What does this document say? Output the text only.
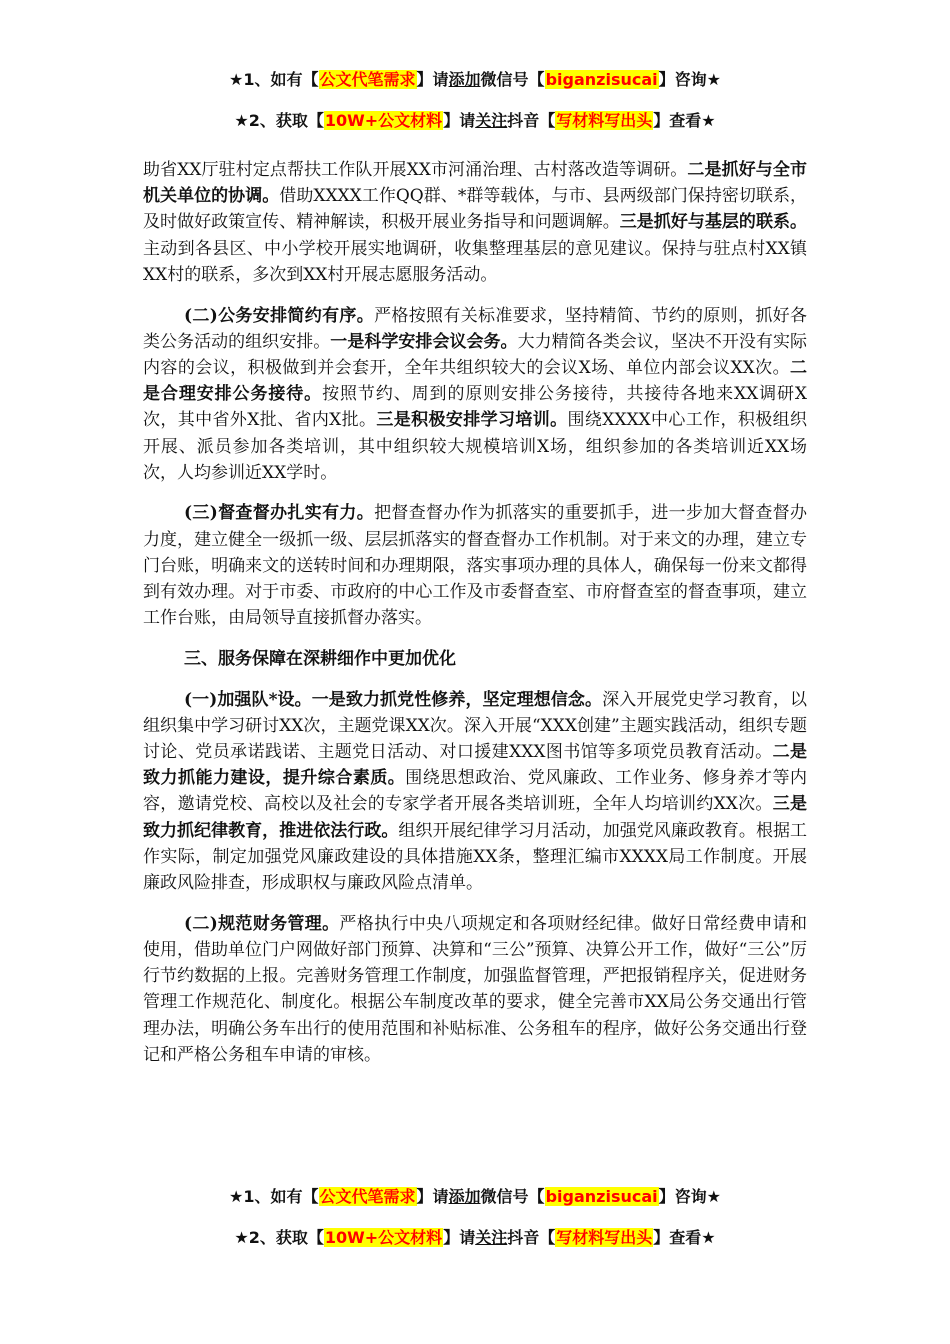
★1、如有【公文代笔需求】请添加微信号【biganzisucai】咨询★
★2、获取【10W+公文材料】请关注抖音【写材料写出头】查看★

助省XX厅驻村定点帮扶工作队开展XX市河涌治理、古村落改造等调研。二是抓好与全市机关单位的协调。借助XXXX工作QQ群、*群等载体，与市、县两级部门保持密切联系，及时做好政策宣传、精神解读，积极开展业务指导和问题调解。三是抓好与基层的联系。主动到各县区、中小学校开展实地调研，收集整理基层的意见建议。保持与驻点村XX镇XX村的联系，多次到XX村开展志愿服务活动。

(二)公务安排简约有序。严格按照有关标准要求，坚持精简、节约的原则，抓好各类公务活动的组织安排。一是科学安排会议会务。大力精简各类会议，坚决不开没有实际内容的会议，积极做到并会套开，全年共组织较大的会议X场、单位内部会议XX次。二是合理安排公务接待。按照节约、周到的原则安排公务接待，共接待各地来XX调研X次，其中省外X批、省内X批。三是积极安排学习培训。围绕XXXX中心工作，积极组织开展、派员参加各类培训，其中组织较大规模培训X场，组织参加的各类培训近XX场次，人均参训近XX学时。

(三)督查督办扎实有力。把督查督办作为抓落实的重要抓手，进一步加大督查督办力度，建立健全一级抓一级、层层抓落实的督查督办工作机制。对于来文的办理，建立专门台账，明确来文的送转时间和办理期限，落实事项办理的具体人，确保每一份来文都得到有效办理。对于市委、市政府的中心工作及市委督查室、市府督查室的督查事项，建立工作台账，由局领导直接抓督办落实。

三、服务保障在深耕细作中更加优化

(一)加强队*设。一是致力抓党性修养，坚定理想信念。深入开展党史学习教育，以组织集中学习研讨XX次，主题党课XX次。深入开展“XXX创建”主题实践活动，组织专题讨论、党员承诺践诺、主题党日活动、对口援建XXX图书馆等多项党员教育活动。二是致力抓能力建设，提升综合素质。围绕思想政治、党风廉政、工作业务、修身养才等内容，邀请党校、高校以及社会的专家学者开展各类培训班，全年人均培训约XX次。三是致力抓纪律教育，推进依法行政。组织开展纪律学习月活动，加强党风廉政教育。根据工作实际，制定加强党风廉政建设的具体措施XX条，整理汇编市XXXX局工作制度。开展廉政风险排查，形成职权与廉政风险点清单。

(二)规范财务管理。严格执行中央八项规定和各项财经纪律。做好日常经费申请和使用，借助单位门户网做好部门预算、决算和“三公”预算、决算公开工作，做好“三公”厉行节约数据的上报。完善财务管理工作制度，加强监督管理，严把报销程序关，促进财务管理工作规范化、制度化。根据公车制度改革的要求，健全完善市XX局公务交通出行管理办法，明确公务车出行的使用范围和补贴标准、公务租车的程序，做好公务交通出行登记和严格公务租车申请的审核。

★1、如有【公文代笔需求】请添加微信号【biganzisucai】咨询★
★2、获取【10W+公文材料】请关注抖音【写材料写出头】查看★
